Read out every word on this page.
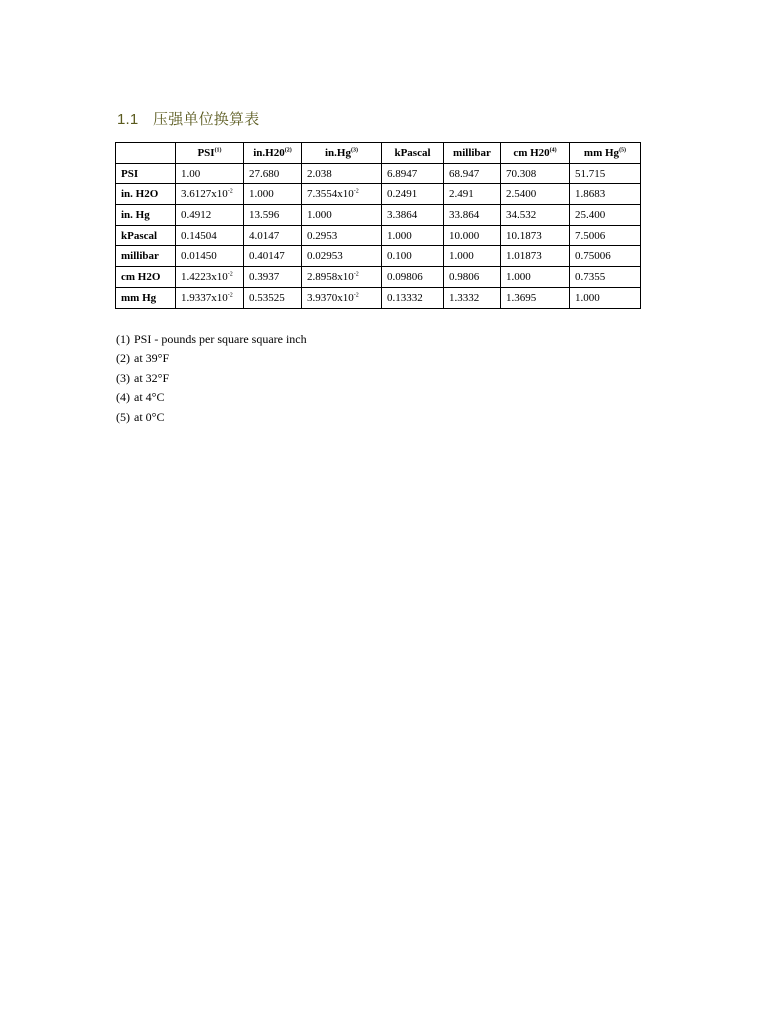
1.1 压强单位换算表
	PSI$^{(1)}$	in.H20$^{(2)}$	in.Hg$^{(3)}$	kPascal	millibar	cm H20$^{(4)}$	mm Hg$^{(5)}$
PSI	1.00	27.680	2.038	6.8947	68.947	70.308	51.715
in. H2O	$3.6127x10^{-2}$	1.000	$7.3554x10^{-2}$	0.2491	2.491	2.5400	1.8683
in. Hg	0.4912	13.596	1.000	3.3864	33.864	34.532	25.400
kPascal	0.14504	4.0147	0.2953	1.000	10.000	10.1873	7.5006
millibar	0.01450	0.40147	0.02953	0.100	1.000	1.01873	0.75006
cm H2O	$1.4223x10^{-2}$	0.3937	$2.8958x10^{-2}$	0.09806	0.9806	1.000	0.7355
mm Hg	$1.9337x10^{-2}$	0.53525	$3.9370x10^{-2}$	0.13332	1.3332	1.3695	1.000
(1) PSI - pounds per square square inch
(2) at 39°F
(3) at 32°F
(4) at 4°C
(5) at 0°C
